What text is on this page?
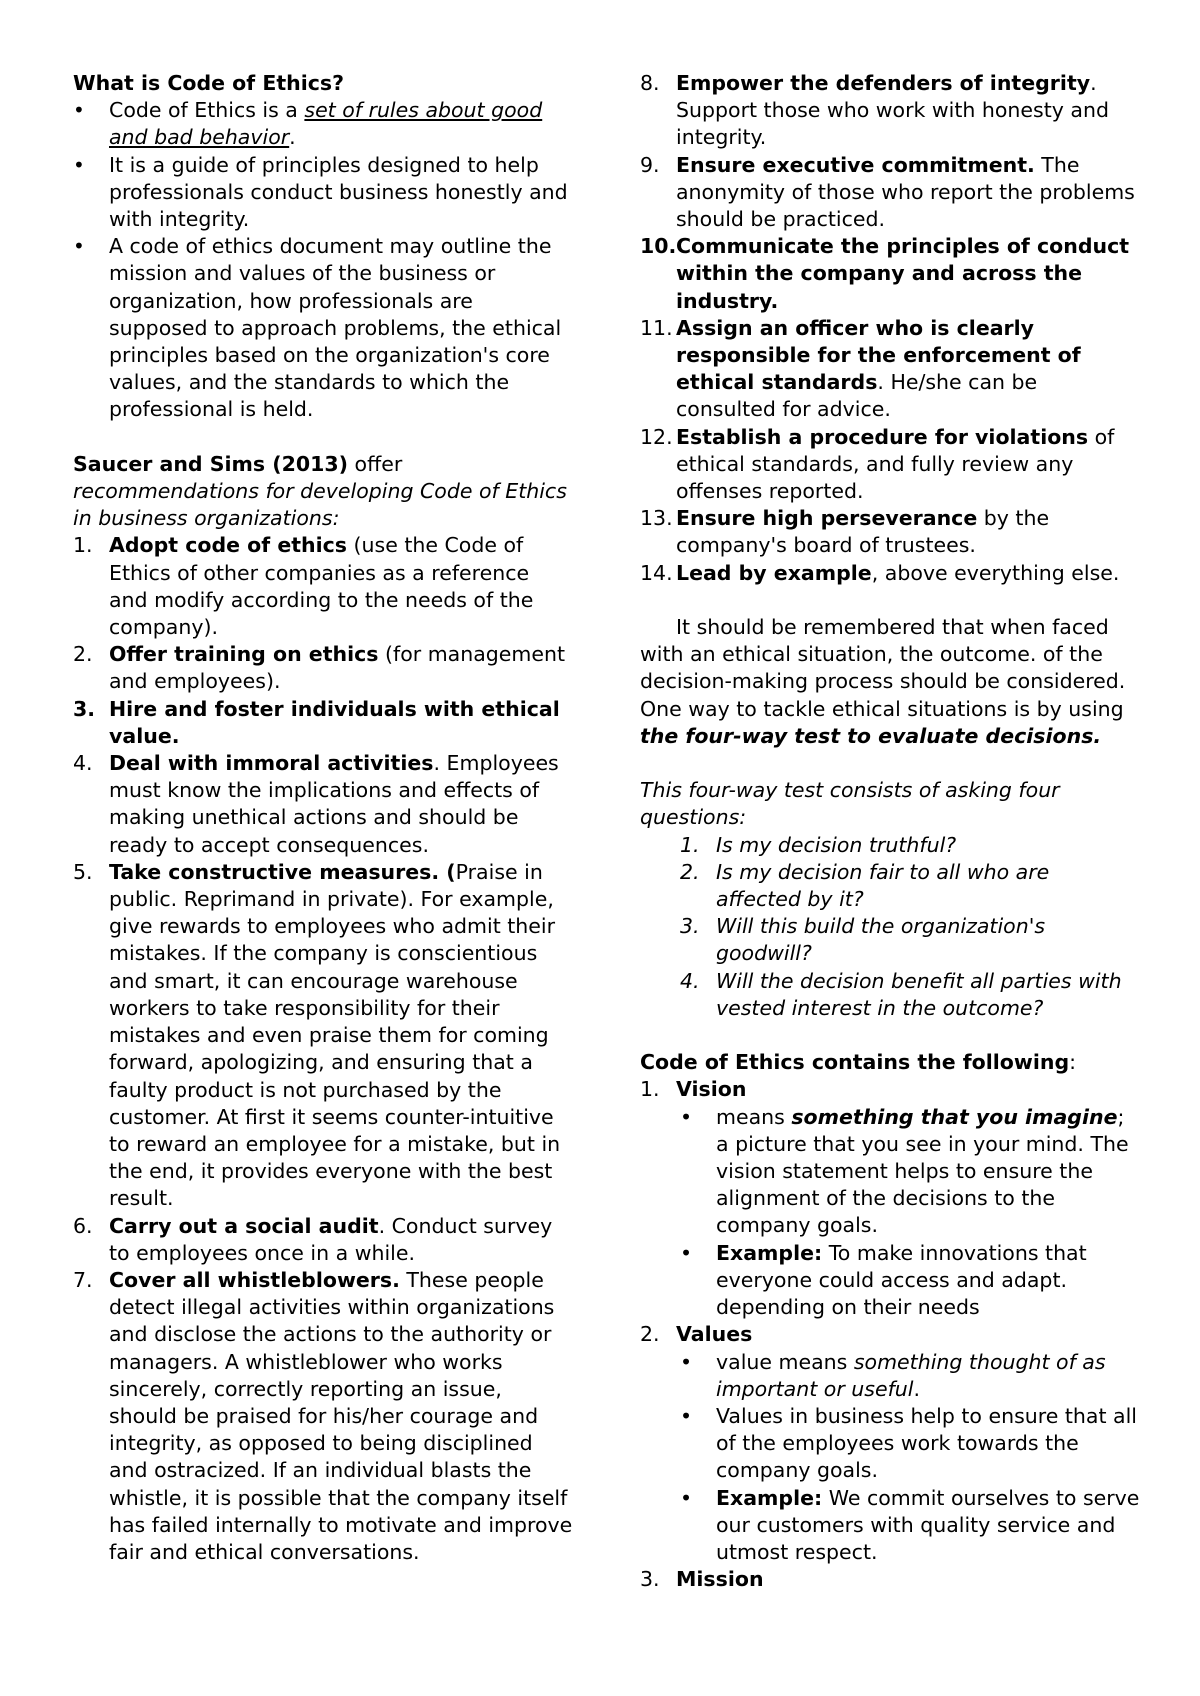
What is Code of Ethics?

• Code of Ethics is a set of rules about good and bad behavior.
• It is a guide of principles designed to help professionals conduct business honestly and with integrity.
• A code of ethics document may outline the mission and values of the business or organization, how professionals are supposed to approach problems, the ethical principles based on the organization's core values, and the standards to which the professional is held.

Saucer and Sims (2013) offer

recommendations for developing Code of Ethics in business organizations:

1. Adopt code of ethics (use the Code of Ethics of other companies as a reference and modify according to the needs of the company).
2. Offer training on ethics (for management and employees).
3. Hire and foster individuals with ethical value.
4. Deal with immoral activities. Employees must know the implications and effects of making unethical actions and should be ready to accept consequences.
5. Take constructive measures. (Praise in public. Reprimand in private). For example, give rewards to employees who admit their mistakes. If the company is conscientious and smart, it can encourage warehouse workers to take responsibility for their mistakes and even praise them for coming forward, apologizing, and ensuring that a faulty product is not purchased by the customer. At first it seems counter-intuitive to reward an employee for a mistake, but in the end, it provides everyone with the best result.
6. Carry out a social audit. Conduct survey to employees once in a while.
7. Cover all whistleblowers. These people detect illegal activities within organizations and disclose the actions to the authority or managers. A whistleblower who works sincerely, correctly reporting an issue, should be praised for his/her courage and integrity, as opposed to being disciplined and ostracized. If an individual blasts the whistle, it is possible that the company itself has failed internally to motivate and improve fair and ethical conversations.
8. Empower the defenders of integrity. Support those who work with honesty and integrity.
9. Ensure executive commitment. The anonymity of those who report the problems should be practiced.
10. Communicate the principles of conduct within the company and across the industry.
11. Assign an officer who is clearly responsible for the enforcement of ethical standards. He/she can be consulted for advice.
12. Establish a procedure for violations of ethical standards, and fully review any offenses reported.
13. Ensure high perseverance by the company's board of trustees.
14. Lead by example, above everything else.

It should be remembered that when faced with an ethical situation, the outcome. of the decision-making process should be considered. One way to tackle ethical situations is by using the four-way test to evaluate decisions.

This four-way test consists of asking four questions:

1. Is my decision truthful?
2. Is my decision fair to all who are affected by it?
3. Will this build the organization's goodwill?
4. Will the decision benefit all parties with vested interest in the outcome?

Code of Ethics contains the following:

1. Vision
• means something that you imagine; a picture that you see in your mind. The vision statement helps to ensure the alignment of the decisions to the company goals.
• Example: To make innovations that everyone could access and adapt. depending on their needs
2. Values
• value means something thought of as important or useful.
• Values in business help to ensure that all of the employees work towards the company goals.
• Example: We commit ourselves to serve our customers with quality service and utmost respect.
3. Mission
